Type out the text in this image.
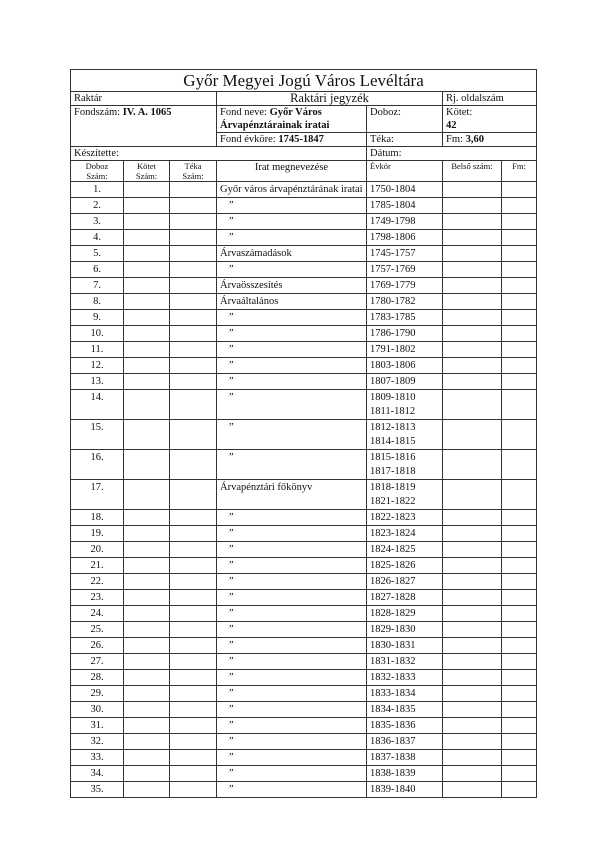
Győr Megyei Jogú Város Levéltára						
Raktár			Raktári jegyzék		Rj. oldalszám	
Fondszám: IV. A. 1065			Fond neve: Győr Város Árvapénztárainak iratai	Doboz:	Kötet:
42	

			Fond évköre: 1745-1847	Téka:	Fm: 3,60	
Készítette:				Dátum:		
Doboz Szám:	Kötet Szám:	Téka Szám:	Irat megnevezése	Évkör	Belső szám:	Fm:
1.			Győr város árvapénztárának iratai	1750-1804		

2.			”	1785-1804		

3.			”	1749-1798		

4.			”	1798-1806		

5.			Árvaszámadások	1745-1757		

6.			”	1757-1769		

7.			Árvaösszesítés	1769-1779		

8.			Árvaáltalános	1780-1782		

9.			”	1783-1785		

10.			”	1786-1790		

11.			”	1791-1802		

12.			”	1803-1806		

13.			”	1807-1809		

14.			”	1809-1810
1811-1812		

15.			”	1812-1813
1814-1815		

16.			”	1815-1816
1817-1818		

17.			Árvapénztári főkönyv	1818-1819
1821-1822		

18.			”	1822-1823		

19.			”	1823-1824		

20.			”	1824-1825		

21.			”	1825-1826		

22.			”	1826-1827		

23.			”	1827-1828		

24.			”	1828-1829		

25.			”	1829-1830		

26.			”	1830-1831		

27.			”	1831-1832		

28.			”	1832-1833		

29.			”	1833-1834		

30.			”	1834-1835		

31.			”	1835-1836		

32.			”	1836-1837		

33.			”	1837-1838		

34.			”	1838-1839		

35.			”	1839-1840		
